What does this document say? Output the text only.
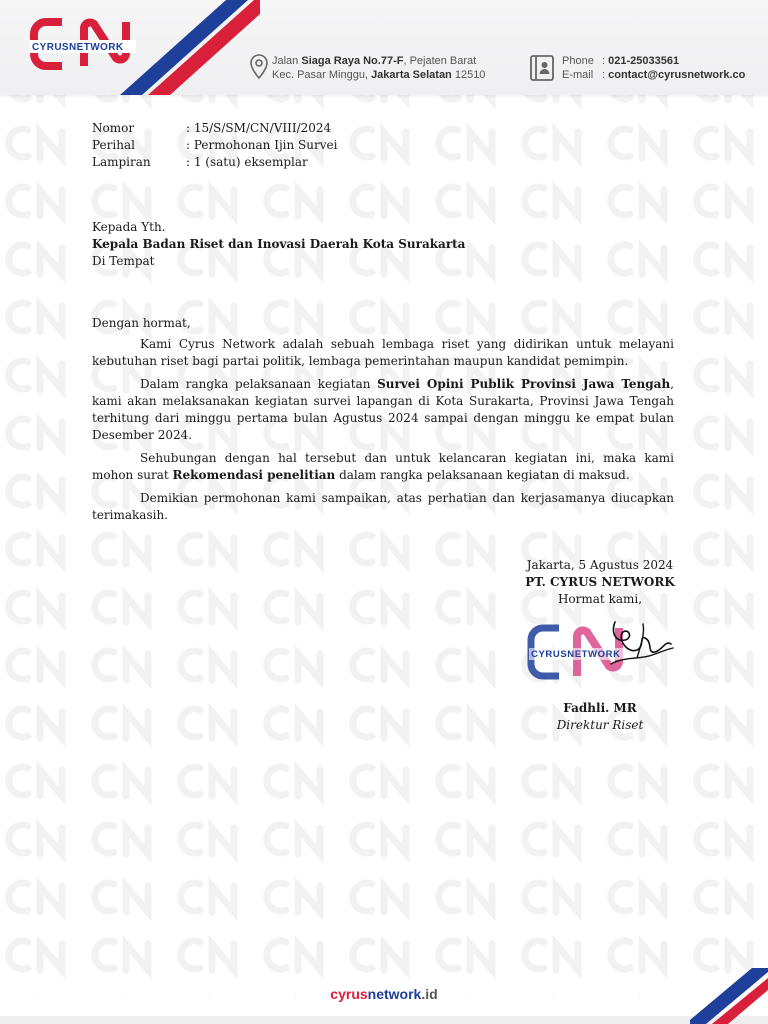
CYRUSNETWORK
Jalan Siaga Raya No.77-F, Pejaten Barat
Kec. Pasar Minggu, Jakarta Selatan 12510
Phone : 021-25033561
E-mail : contact@cyrusnetwork.co
Nomor	: 15/S/SM/CN/VIII/2024
Perihal	: Permohonan Ijin Survei
Lampiran	: 1 (satu) eksemplar
Kepada Yth.
Kepala Badan Riset dan Inovasi Daerah Kota Surakarta
Di Tempat
Dengan hormat,

Kami Cyrus Network adalah sebuah lembaga riset yang didirikan untuk melayani kebutuhan riset bagi partai politik, lembaga pemerintahan maupun kandidat pemimpin.

Dalam rangka pelaksanaan kegiatan Survei Opini Publik Provinsi Jawa Tengah, kami akan melaksanakan kegiatan survei lapangan di Kota Surakarta, Provinsi Jawa Tengah terhitung dari minggu pertama bulan Agustus 2024 sampai dengan minggu ke empat bulan Desember 2024.

Sehubungan dengan hal tersebut dan untuk kelancaran kegiatan ini, maka kami mohon surat Rekomendasi penelitian dalam rangka pelaksanaan kegiatan di maksud.

Demikian permohonan kami sampaikan, atas perhatian dan kerjasamanya diucapkan terimakasih.

Jakarta, 5 Agustus 2024
PT. CYRUS NETWORK
Hormat kami,
CYRUSNETWORK
Fadhli. MR
Direktur Riset
cyrusnetwork.id
